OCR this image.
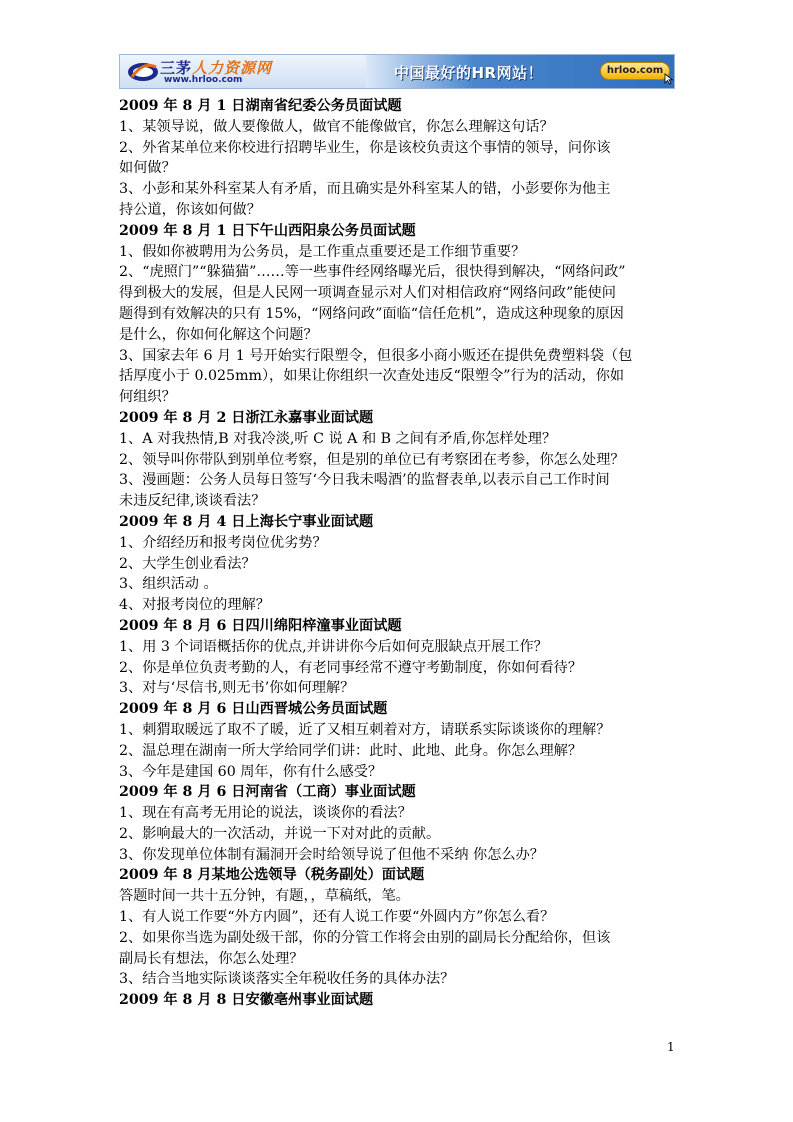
三茅人力资源网
www.hrloo.com	中国最好的HR网站！	hrloo.com
2009 年 8 月 1 日湖南省纪委公务员面试题
1、某领导说，做人要像做人，做官不能像做官，你怎么理解这句话？
2、外省某单位来你校进行招聘毕业生，你是该校负责这个事情的领导，问你该
如何做？
3、小彭和某外科室某人有矛盾，而且确实是外科室某人的错，小彭要你为他主
持公道，你该如何做？
2009 年 8 月 1 日下午山西阳泉公务员面试题
1、假如你被聘用为公务员，是工作重点重要还是工作细节重要？
2、“虎照门”“躲猫猫”……等一些事件经网络曝光后，很快得到解决，“网络问政”
得到极大的发展，但是人民网一项调查显示对人们对相信政府“网络问政”能使问
题得到有效解决的只有 15%，“网络问政”面临“信任危机”，造成这种现象的原因
是什么，你如何化解这个问题？
3、国家去年 6 月 1 号开始实行限塑令，但很多小商小贩还在提供免费塑料袋（包
括厚度小于 0.025mm），如果让你组织一次查处违反“限塑令”行为的活动，你如
何组织？
2009 年 8 月 2 日浙江永嘉事业面试题
1、A 对我热情,B 对我冷淡,听 C 说 A 和 B 之间有矛盾,你怎样处理？
2、领导叫你带队到别单位考察，但是别的单位已有考察团在考参，你怎么处理？
3、漫画题：公务人员每日签写‘今日我未喝酒’的监督表单,以表示自己工作时间
未违反纪律,谈谈看法？
2009 年 8 月 4 日上海长宁事业面试题
1、介绍经历和报考岗位优劣势？
2、大学生创业看法？
3、组织活动 。
4、对报考岗位的理解？
2009 年 8 月 6 日四川绵阳梓潼事业面试题
1、用 3 个词语概括你的优点,并讲讲你今后如何克服缺点开展工作？
2、你是单位负责考勤的人，有老同事经常不遵守考勤制度，你如何看待？
3、对与‘尽信书,则无书’你如何理解？
2009 年 8 月 6 日山西晋城公务员面试题
1、刺猬取暖远了取不了暖，近了又相互刺着对方，请联系实际谈谈你的理解？
2、温总理在湖南一所大学给同学们讲：此时、此地、此身。你怎么理解？
3、今年是建国 60 周年，你有什么感受？
2009 年 8 月 6 日河南省（工商）事业面试题
1、现在有高考无用论的说法，谈谈你的看法？
2、影响最大的一次活动，并说一下对对此的贡献。
3、你发现单位体制有漏洞开会时给领导说了但他不采纳 你怎么办？
2009 年 8 月某地公选领导（税务副处）面试题
答题时间一共十五分钟，有题，，草稿纸，笔。
1、有人说工作要“外方内圆”，还有人说工作要“外圆内方”你怎么看？
2、如果你当选为副处级干部，你的分管工作将会由别的副局长分配给你，但该
副局长有想法，你怎么处理？
3、结合当地实际谈谈落实全年税收任务的具体办法？
2009 年 8 月 8 日安徽亳州事业面试题
1
